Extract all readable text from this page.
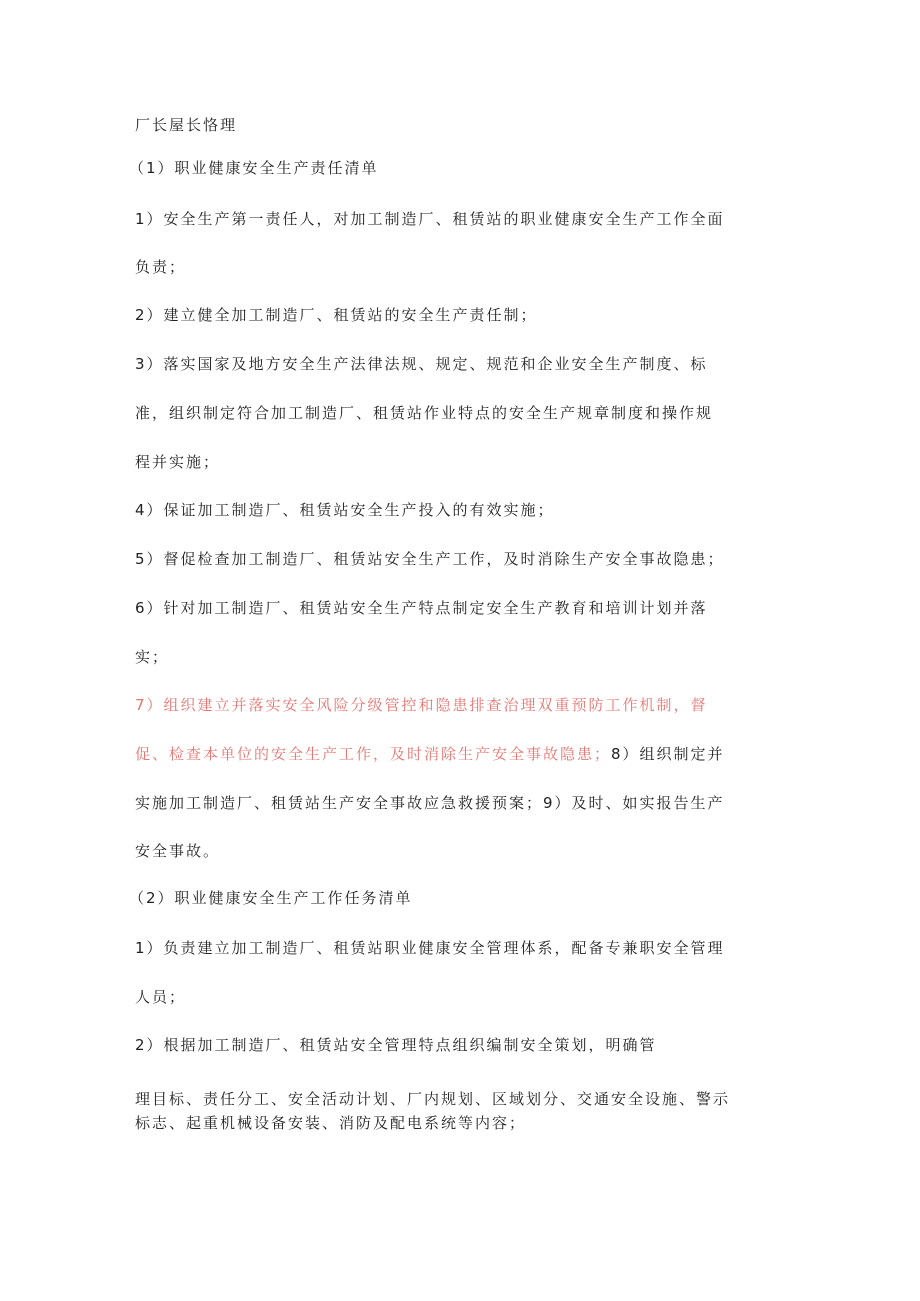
厂长屋长恪理
（1）职业健康安全生产责任清单
1）安全生产第一责任人，对加工制造厂、租赁站的职业健康安全生产工作全面
负责；
2）建立健全加工制造厂、租赁站的安全生产责任制；
3）落实国家及地方安全生产法律法规、规定、规范和企业安全生产制度、标
准，组织制定符合加工制造厂、租赁站作业特点的安全生产规章制度和操作规
程并实施；
4）保证加工制造厂、租赁站安全生产投入的有效实施；
5）督促检查加工制造厂、租赁站安全生产工作，及时消除生产安全事故隐患；
6）针对加工制造厂、租赁站安全生产特点制定安全生产教育和培训计划并落
实；
7）组织建立并落实安全风险分级管控和隐患排查治理双重预防工作机制，督
促、检查本单位的安全生产工作，及时消除生产安全事故隐患；8）组织制定并
实施加工制造厂、租赁站生产安全事故应急救援预案；9）及时、如实报告生产
安全事故。
（2）职业健康安全生产工作任务清单
1）负责建立加工制造厂、租赁站职业健康安全管理体系，配备专兼职安全管理
人员；
2）根据加工制造厂、租赁站安全管理特点组织编制安全策划，明确管
理目标、责任分工、安全活动计划、厂内规划、区域划分、交通安全设施、警示
标志、起重机械设备安装、消防及配电系统等内容；
